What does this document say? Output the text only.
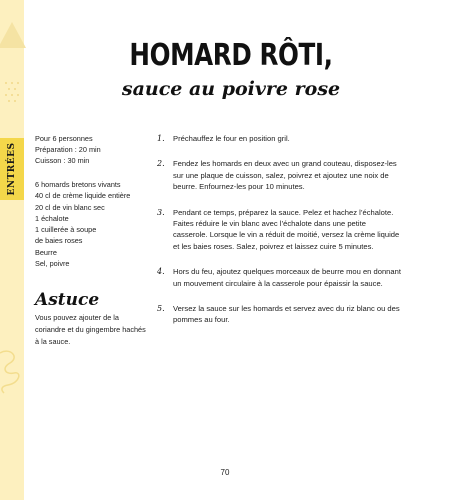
ENTRÉES
HOMARD RÔTI,
sauce au poivre rose
Pour 6 personnes
Préparation : 20 min
Cuisson : 30 min
6 homards bretons vivants
40 cl de crème liquide entière
20 cl de vin blanc sec
1 échalote
1 cuillerée à soupe
de baies roses
Beurre
Sel, poivre
Astuce
Vous pouvez ajouter de la coriandre et du gingembre hachés à la sauce.
1. Préchauffez le four en position gril.
2. Fendez les homards en deux avec un grand couteau, disposez-les sur une plaque de cuisson, salez, poivrez et ajoutez une noix de beurre. Enfournez-les pour 10 minutes.
3. Pendant ce temps, préparez la sauce. Pelez et hachez l’échalote. Faites réduire le vin blanc avec l’échalote dans une petite casserole. Lorsque le vin a réduit de moitié, versez la crème liquide et les baies roses. Salez, poivrez et laissez cuire 5 minutes.
4. Hors du feu, ajoutez quelques morceaux de beurre mou en donnant un mouvement circulaire à la casserole pour épaissir la sauce.
5. Versez la sauce sur les homards et servez avec du riz blanc ou des pommes au four.
70
